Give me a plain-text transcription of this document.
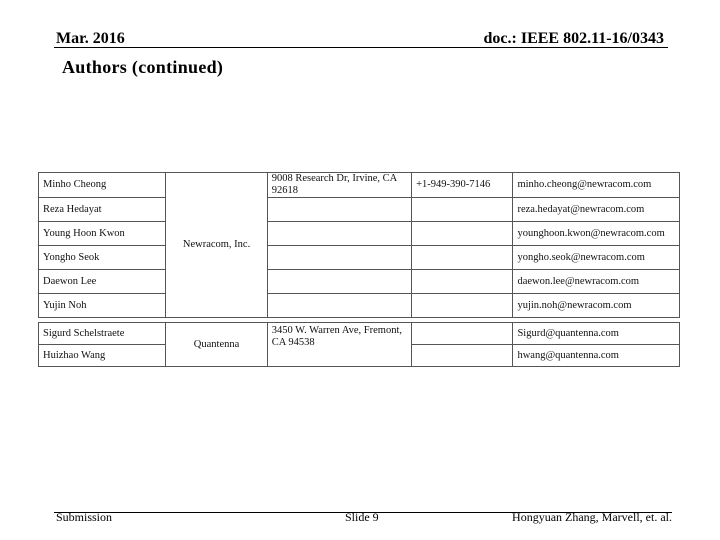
Mar. 2016	doc.: IEEE 802.11-16/0343
Authors (continued)
Minho Cheong	Newracom, Inc.	9008 Research Dr, Irvine, CA 92618	+1-949-390-7146	minho.cheong@newracom.com
Reza Hedayat				reza.hedayat@newracom.com
Young Hoon Kwon				younghoon.kwon@newracom.com
Yongho Seok				yongho.seok@newracom.com
Daewon Lee				daewon.lee@newracom.com
Yujin Noh				yujin.noh@newracom.com
Sigurd Schelstraete	Quantenna	3450 W. Warren Ave, Fremont, CA 94538		Sigurd@quantenna.com
Huizhao Wang				hwang@quantenna.com
Submission	Slide 9	Hongyuan Zhang, Marvell, et. al.
